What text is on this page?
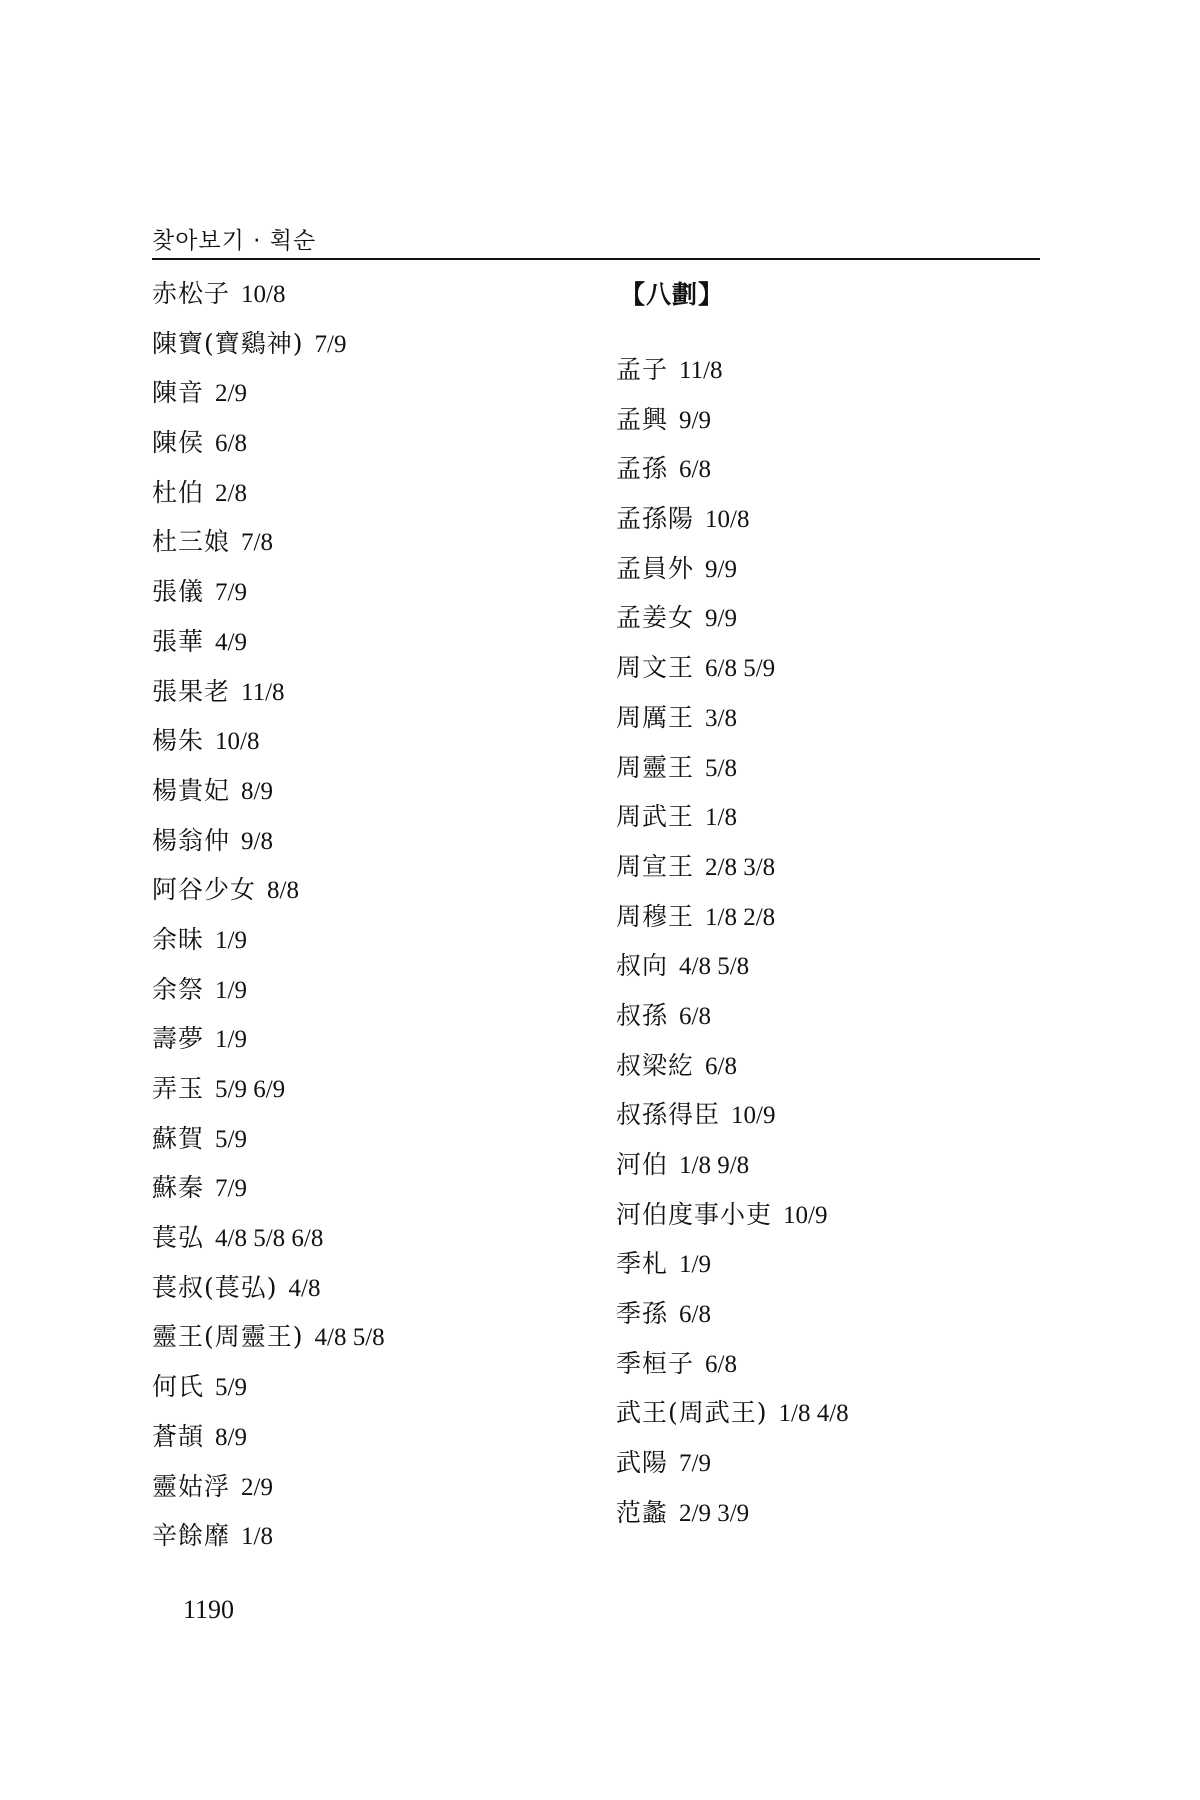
찾아보기 · 획순
赤松子 10/8
陳寶(寶鷄神) 7/9
陳音 2/9
陳侯 6/8
杜伯 2/8
杜三娘 7/8
張儀 7/9
張華 4/9
張果老 11/8
楊朱 10/8
楊貴妃 8/9
楊翁仲 9/8
阿谷少女 8/8
余昧 1/9
余祭 1/9
壽夢 1/9
弄玉 5/9 6/9
蘇賀 5/9
蘇秦 7/9
萇弘 4/8 5/8 6/8
萇叔(萇弘) 4/8
靈王(周靈王) 4/8 5/8
何氏 5/9
蒼頡 8/9
靈姑浮 2/9
辛餘靡 1/8
【八劃】
孟子 11/8
孟興 9/9
孟孫 6/8
孟孫陽 10/8
孟員外 9/9
孟姜女 9/9
周文王 6/8 5/9
周厲王 3/8
周靈王 5/8
周武王 1/8
周宣王 2/8 3/8
周穆王 1/8 2/8
叔向 4/8 5/8
叔孫 6/8
叔梁紇 6/8
叔孫得臣 10/9
河伯 1/8 9/8
河伯度事小吏 10/9
季札 1/9
季孫 6/8
季桓子 6/8
武王(周武王) 1/8 4/8
武陽 7/9
范蠡 2/9 3/9
1190
